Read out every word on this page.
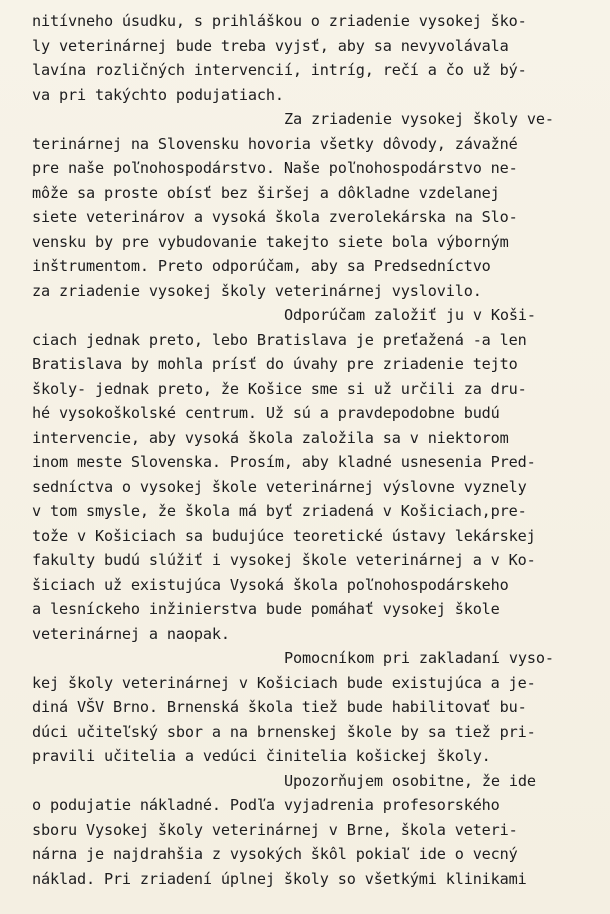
nitívneho úsudku, s prihláškou o zriadenie vysokej ško-
ly veterinárnej bude treba vyjsť, aby sa nevyvolávala
lavína rozličných intervencií, intríg, rečí a čo už bý-
va pri takýchto podujatiach.
Za zriadenie vysokej školy ve-
terinárnej na Slovensku hovoria všetky dôvody, závažné
pre naše poľnohospodárstvo. Naše poľnohospodárstvo ne-
môže sa proste obísť bez širšej a dôkladne vzdelanej
siete veterinárov a vysoká škola zverolekárska na Slo-
vensku by pre vybudovanie takejto siete bola výborným
inštrumentom. Preto odporúčam, aby sa Predsedníctvo
za zriadenie vysokej školy veterinárnej vyslovilo.
Odporúčam založiť ju v Koši-
ciach jednak preto, lebo Bratislava je preťažená -a len
Bratislava by mohla prísť do úvahy pre zriadenie tejto
školy- jednak preto, že Košice sme si už určili za dru-
hé vysokoškolské centrum. Už sú a pravdepodobne budú
intervencie, aby vysoká škola založila sa v niektorom
inom meste Slovenska. Prosím, aby kladné usnesenia Pred-
sedníctva o vysokej škole veterinárnej výslovne vyznely
v tom smysle, že škola má byť zriadená v Košiciach,pre-
tože v Košiciach sa budujúce teoretické ústavy lekárskej
fakulty budú slúžiť i vysokej škole veterinárnej a v Ko-
šiciach už existujúca Vysoká škola poľnohospodárskeho
a lesníckeho inžinierstva bude pomáhať vysokej škole
veterinárnej a naopak.
Pomocníkom pri zakladaní vyso-
kej školy veterinárnej v Košiciach bude existujúca a je-
diná VŠV Brno. Brnenská škola tiež bude habilitovať bu-
dúci učiteľský sbor a na brnenskej škole by sa tiež pri-
pravili učitelia a vedúci činitelia košickej školy.
Upozorňujem osobitne, že ide
o podujatie nákladné. Podľa vyjadrenia profesorského
sboru Vysokej školy veterinárnej v Brne, škola veteri-
nárna je najdrahšia z vysokých škôl pokiaľ ide o vecný
náklad. Pri zriadení úplnej školy so všetkými klinikami
